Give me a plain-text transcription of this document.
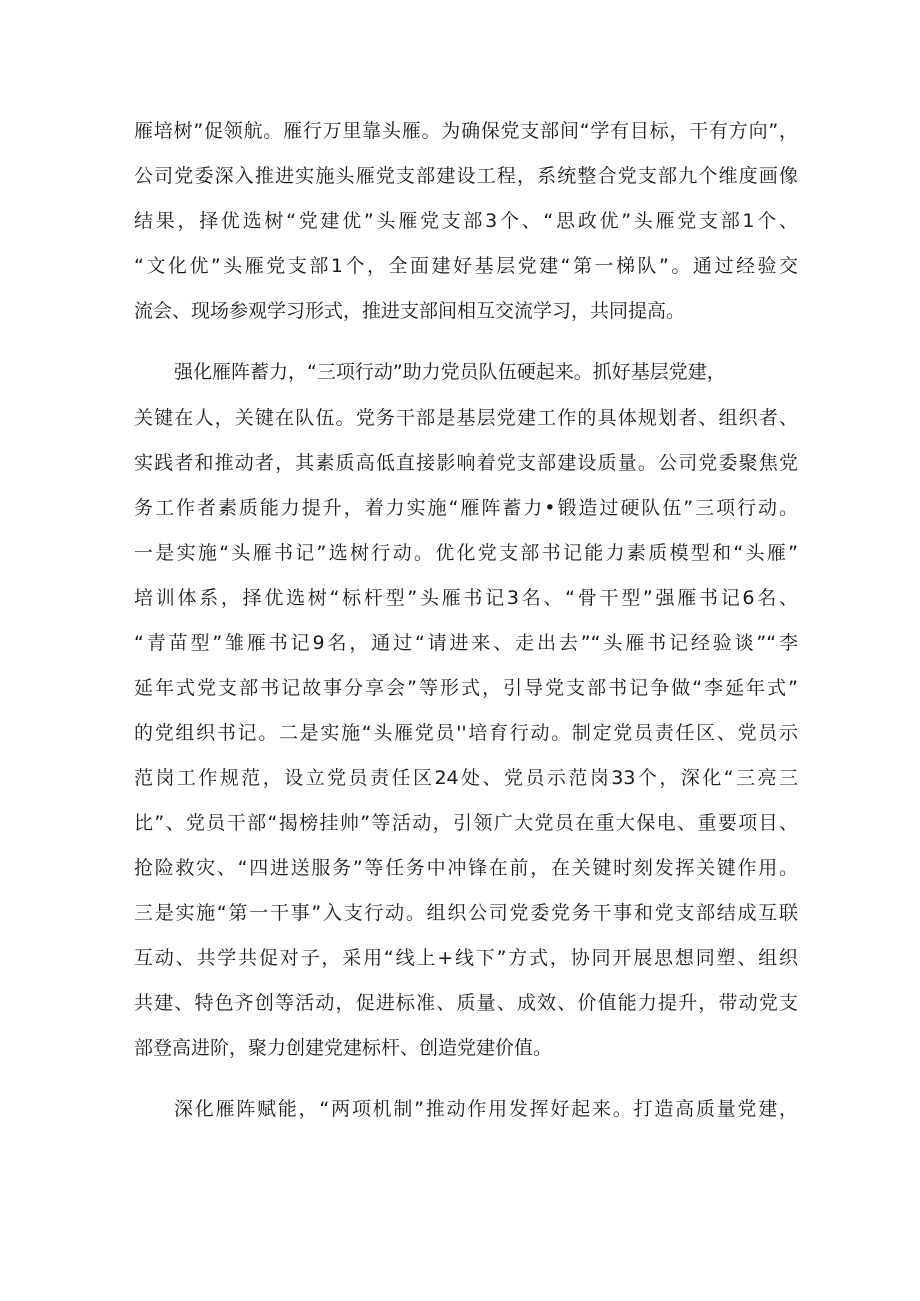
雁培树”促领航。雁行万里靠头雁。为确保党支部间“学有目标，干有方向”，
公司党委深入推进实施头雁党支部建设工程，系统整合党支部九个维度画像
结果，择优选树“党建优”头雁党支部3个、“思政优”头雁党支部1个、
“文化优”头雁党支部1个，全面建好基层党建“第一梯队”。通过经验交
流会、现场参观学习形式，推进支部间相互交流学习，共同提高。
强化雁阵蓄力，“三项行动”助力党员队伍硬起来。抓好基层党建，
关键在人，关键在队伍。党务干部是基层党建工作的具体规划者、组织者、
实践者和推动者，其素质高低直接影响着党支部建设质量。公司党委聚焦党
务工作者素质能力提升，着力实施“雁阵蓄力•锻造过硬队伍”三项行动。
一是实施“头雁书记”选树行动。优化党支部书记能力素质模型和“头雁”
培训体系，择优选树“标杆型”头雁书记3名、“骨干型”强雁书记6名、
“青苗型”雏雁书记9名，通过“请进来、走出去”“头雁书记经验谈”“李
延年式党支部书记故事分享会”等形式，引导党支部书记争做“李延年式”
的党组织书记。二是实施“头雁党员''培育行动。制定党员责任区、党员示
范岗工作规范，设立党员责任区24处、党员示范岗33个，深化“三亮三
比”、党员干部“揭榜挂帅”等活动，引领广大党员在重大保电、重要项目、
抢险救灾、“四进送服务”等任务中冲锋在前，在关键时刻发挥关键作用。
三是实施“第一干事”入支行动。组织公司党委党务干事和党支部结成互联
互动、共学共促对子，采用“线上+线下”方式，协同开展思想同塑、组织
共建、特色齐创等活动，促进标准、质量、成效、价值能力提升，带动党支
部登高进阶，聚力创建党建标杆、创造党建价值。
深化雁阵赋能，“两项机制”推动作用发挥好起来。打造高质量党建，
